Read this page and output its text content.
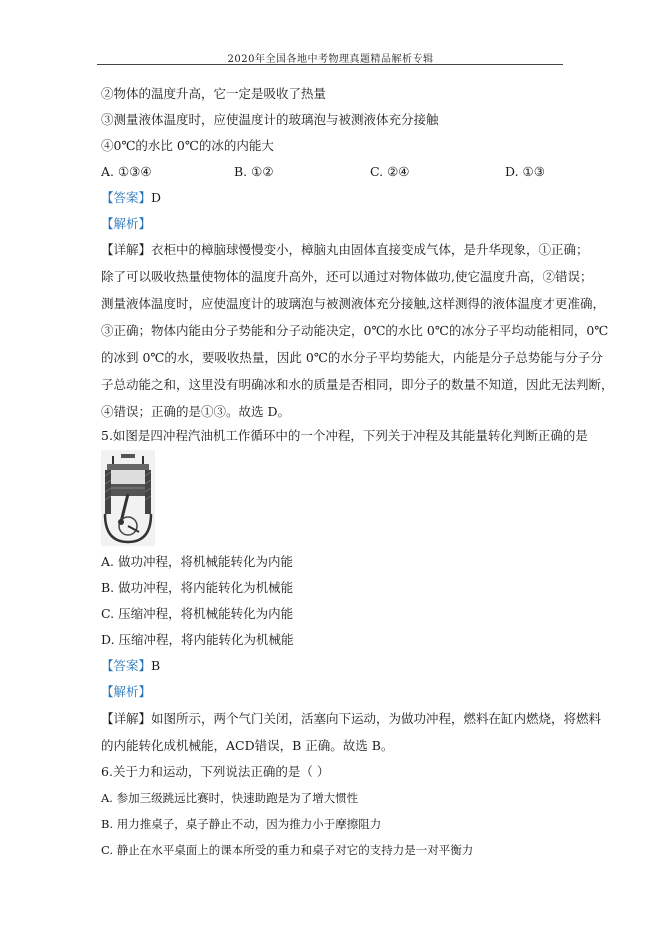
2020年全国各地中考物理真题精品解析专辑
②物体的温度升高，它一定是吸收了热量
③测量液体温度时，应使温度计的玻璃泡与被测液体充分接触
④0℃的水比 0℃的冰的内能大
A. ①③④	B. ①②	C. ②④	D. ①③
【答案】D
【解析】
【详解】衣柜中的樟脑球慢慢变小，樟脑丸由固体直接变成气体，是升华现象，①正确；
除了可以吸收热量使物体的温度升高外，还可以通过对物体做功,使它温度升高，②错误；
测量液体温度时，应使温度计的玻璃泡与被测液体充分接触,这样测得的液体温度才更准确，
③正确；物体内能由分子势能和分子动能决定，0℃的水比 0℃的冰分子平均动能相同，0℃
的冰到 0℃的水，要吸收热量，因此 0℃的水分子平均势能大，内能是分子总势能与分子分
子总动能之和，这里没有明确冰和水的质量是否相同，即分子的数量不知道，因此无法判断，
④错误；正确的是①③。故选 D。
5.如图是四冲程汽油机工作循环中的一个冲程，下列关于冲程及其能量转化判断正确的是
A. 做功冲程，将机械能转化为内能
B. 做功冲程，将内能转化为机械能
C. 压缩冲程，将机械能转化为内能
D. 压缩冲程，将内能转化为机械能
【答案】B
【解析】
【详解】如图所示，两个气门关闭，活塞向下运动，为做功冲程，燃料在缸内燃烧，将燃料
的内能转化成机械能，ACD错误，B 正确。故选 B。
6.关于力和运动，下列说法正确的是（ ）
A. 参加三级跳远比赛时，快速助跑是为了增大惯性
B. 用力推桌子，桌子静止不动，因为推力小于摩擦阻力
C. 静止在水平桌面上的课本所受的重力和桌子对它的支持力是一对平衡力
